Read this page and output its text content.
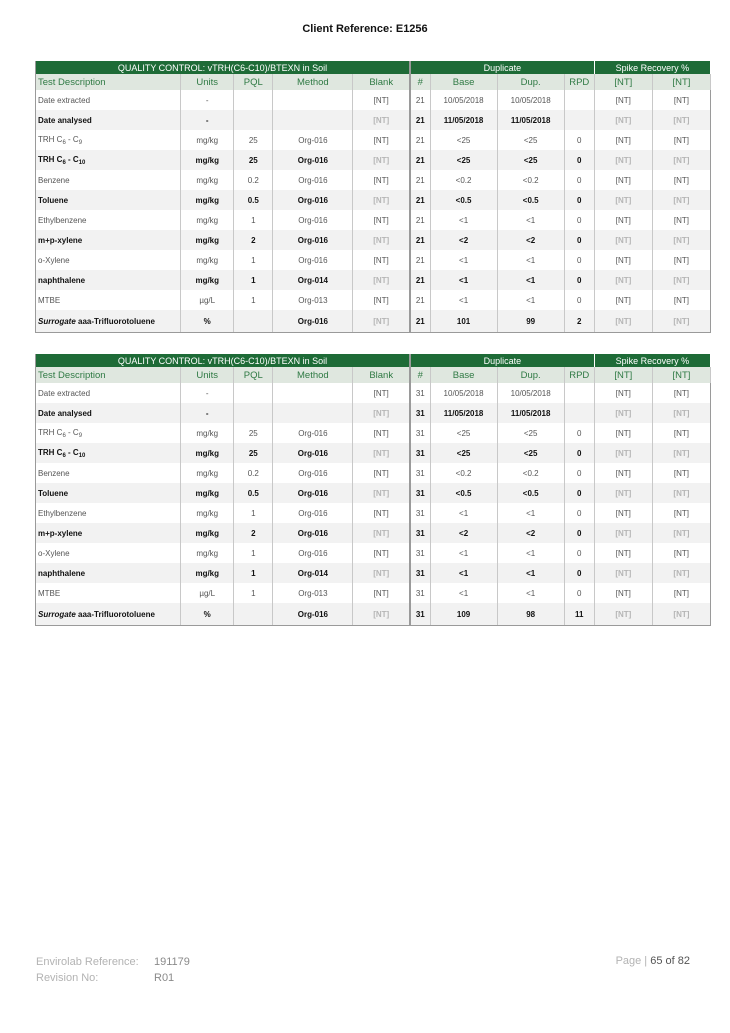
Client Reference: E1256
QUALITY CONTROL: vTRH(C6-C10)/BTEXN in Soil					Duplicate				Spike Recovery %	
Test Description	Units	PQL	Method	Blank	#	Base	Dup.	RPD	[NT]	[NT]
Date extracted	-			[NT]	21	10/05/2018	10/05/2018		[NT]	[NT]
Date analysed	-			[NT]	21	11/05/2018	11/05/2018		[NT]	[NT]
TRH $C_6 - C_9$	mg/kg	25	Org-016	[NT]	21	<25	<25	0	[NT]	[NT]
TRH $C_6 - C_{10}$	mg/kg	25	Org-016	[NT]	21	<25	<25	0	[NT]	[NT]
Benzene	mg/kg	0.2	Org-016	[NT]	21	<0.2	<0.2	0	[NT]	[NT]
Toluene	mg/kg	0.5	Org-016	[NT]	21	<0.5	<0.5	0	[NT]	[NT]
Ethylbenzene	mg/kg	1	Org-016	[NT]	21	<1	<1	0	[NT]	[NT]
m+p-xylene	mg/kg	2	Org-016	[NT]	21	<2	<2	0	[NT]	[NT]
o-Xylene	mg/kg	1	Org-016	[NT]	21	<1	<1	0	[NT]	[NT]
naphthalene	mg/kg	1	Org-014	[NT]	21	<1	<1	0	[NT]	[NT]
MTBE	µg/L	1	Org-013	[NT]	21	<1	<1	0	[NT]	[NT]
Surrogate aaa-Trifluorotoluene	%		Org-016	[NT]	21	101	99	2	[NT]	[NT]
QUALITY CONTROL: vTRH(C6-C10)/BTEXN in Soil					Duplicate				Spike Recovery %	
Test Description	Units	PQL	Method	Blank	#	Base	Dup.	RPD	[NT]	[NT]
Date extracted	-			[NT]	31	10/05/2018	10/05/2018		[NT]	[NT]
Date analysed	-			[NT]	31	11/05/2018	11/05/2018		[NT]	[NT]
TRH $C_6 - C_9$	mg/kg	25	Org-016	[NT]	31	<25	<25	0	[NT]	[NT]
TRH $C_6 - C_{10}$	mg/kg	25	Org-016	[NT]	31	<25	<25	0	[NT]	[NT]
Benzene	mg/kg	0.2	Org-016	[NT]	31	<0.2	<0.2	0	[NT]	[NT]
Toluene	mg/kg	0.5	Org-016	[NT]	31	<0.5	<0.5	0	[NT]	[NT]
Ethylbenzene	mg/kg	1	Org-016	[NT]	31	<1	<1	0	[NT]	[NT]
m+p-xylene	mg/kg	2	Org-016	[NT]	31	<2	<2	0	[NT]	[NT]
o-Xylene	mg/kg	1	Org-016	[NT]	31	<1	<1	0	[NT]	[NT]
naphthalene	mg/kg	1	Org-014	[NT]	31	<1	<1	0	[NT]	[NT]
MTBE	µg/L	1	Org-013	[NT]	31	<1	<1	0	[NT]	[NT]
Surrogate aaa-Trifluorotoluene	%		Org-016	[NT]	31	109	98	11	[NT]	[NT]
Envirolab Reference: 191179
Revision No:	R01
Page | 65 of 82
